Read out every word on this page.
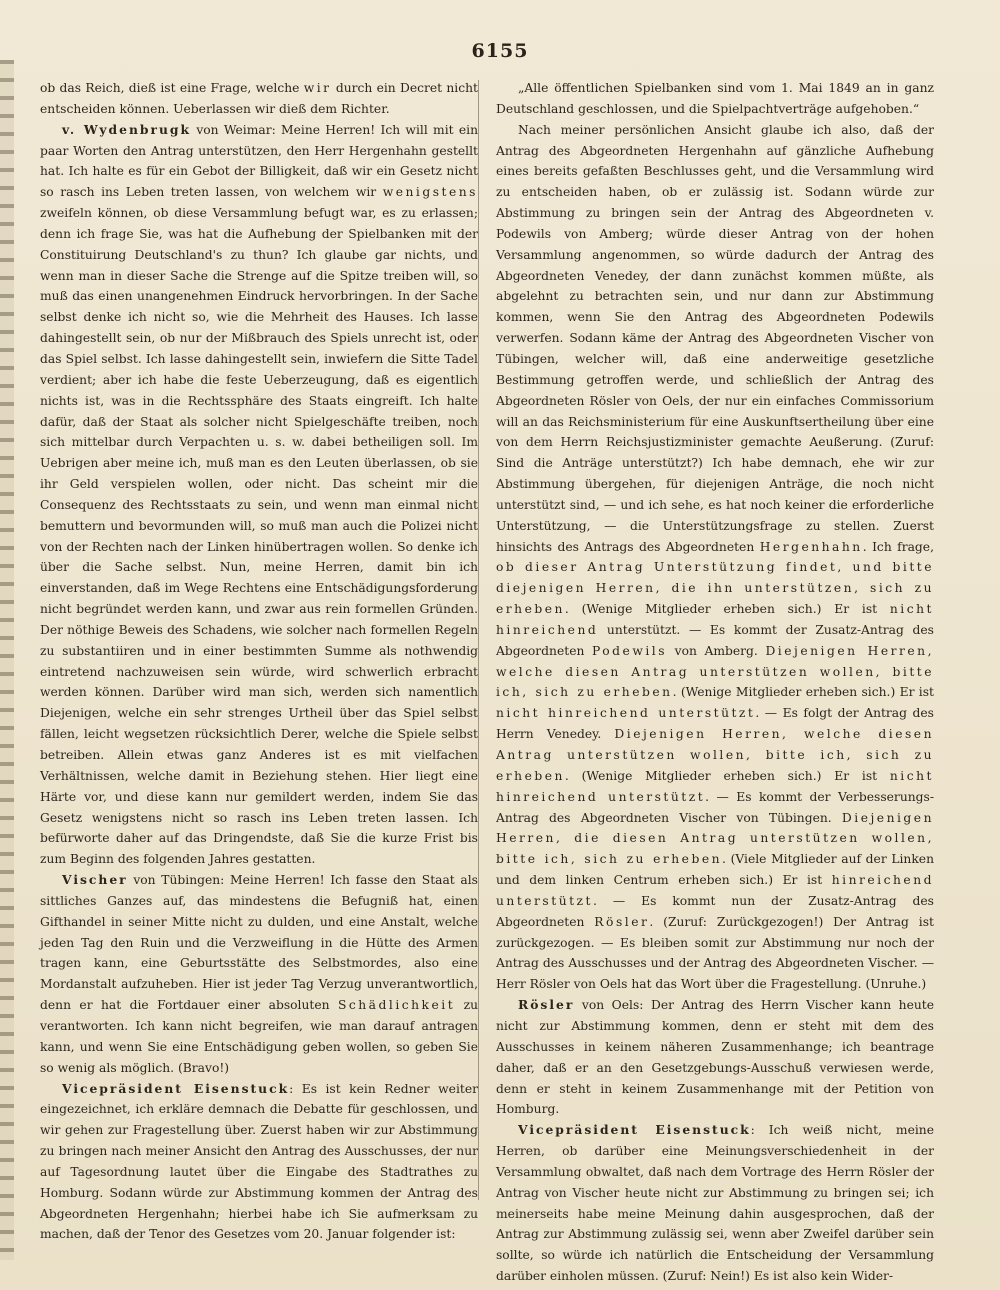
6155

ob das Reich, dieß ist eine Frage, welche wir durch ein Decret nicht entscheiden können. Ueberlassen wir dieß dem Richter.

v. Wydenbrugk von Weimar: Meine Herren! Ich will mit ein paar Worten den Antrag unterstützen, den Herr Hergenhahn gestellt hat. Ich halte es für ein Gebot der Billigkeit, daß wir ein Gesetz nicht so rasch ins Leben treten lassen, von welchem wir wenigstens zweifeln können, ob diese Versammlung befugt war, es zu erlassen; denn ich frage Sie, was hat die Aufhebung der Spielbanken mit der Constituirung Deutschland's zu thun? Ich glaube gar nichts, und wenn man in dieser Sache die Strenge auf die Spitze treiben will, so muß das einen unangenehmen Eindruck hervorbringen. In der Sache selbst denke ich nicht so, wie die Mehrheit des Hauses. Ich lasse dahingestellt sein, ob nur der Mißbrauch des Spiels unrecht ist, oder das Spiel selbst. Ich lasse dahingestellt sein, inwiefern die Sitte Tadel verdient; aber ich habe die feste Ueberzeugung, daß es eigentlich nichts ist, was in die Rechtssphäre des Staats eingreift. Ich halte dafür, daß der Staat als solcher nicht Spielgeschäfte treiben, noch sich mittelbar durch Verpachten u. s. w. dabei betheiligen soll. Im Uebrigen aber meine ich, muß man es den Leuten überlassen, ob sie ihr Geld verspielen wollen, oder nicht. Das scheint mir die Consequenz des Rechtsstaats zu sein, und wenn man einmal nicht bemuttern und bevormunden will, so muß man auch die Polizei nicht von der Rechten nach der Linken hinübertragen wollen. So denke ich über die Sache selbst. Nun, meine Herren, damit bin ich einverstanden, daß im Wege Rechtens eine Entschädigungsforderung nicht begründet werden kann, und zwar aus rein formellen Gründen. Der nöthige Beweis des Schadens, wie solcher nach formellen Regeln zu substantiiren und in einer bestimmten Summe als nothwendig eintretend nachzuweisen sein würde, wird schwerlich erbracht werden können. Darüber wird man sich, werden sich namentlich Diejenigen, welche ein sehr strenges Urtheil über das Spiel selbst fällen, leicht wegsetzen rücksichtlich Derer, welche die Spiele selbst betreiben. Allein etwas ganz Anderes ist es mit vielfachen Verhältnissen, welche damit in Beziehung stehen. Hier liegt eine Härte vor, und diese kann nur gemildert werden, indem Sie das Gesetz wenigstens nicht so rasch ins Leben treten lassen. Ich befürworte daher auf das Dringendste, daß Sie die kurze Frist bis zum Beginn des folgenden Jahres gestatten.

Vischer von Tübingen: Meine Herren! Ich fasse den Staat als sittliches Ganzes auf, das mindestens die Befugniß hat, einen Gifthandel in seiner Mitte nicht zu dulden, und eine Anstalt, welche jeden Tag den Ruin und die Verzweiflung in die Hütte des Armen tragen kann, eine Geburtsstätte des Selbstmordes, also eine Mordanstalt aufzuheben. Hier ist jeder Tag Verzug unverantwortlich, denn er hat die Fortdauer einer absoluten Schädlichkeit zu verantworten. Ich kann nicht begreifen, wie man darauf antragen kann, und wenn Sie eine Entschädigung geben wollen, so geben Sie so wenig als möglich. (Bravo!)

Vicepräsident Eisenstuck: Es ist kein Redner weiter eingezeichnet, ich erkläre demnach die Debatte für geschlossen, und wir gehen zur Fragestellung über. Zuerst haben wir zur Abstimmung zu bringen nach meiner Ansicht den Antrag des Ausschusses, der nur auf Tagesordnung lautet über die Eingabe des Stadtrathes zu Homburg. Sodann würde zur Abstimmung kommen der Antrag des Abgeordneten Hergenhahn; hierbei habe ich Sie aufmerksam zu machen, daß der Tenor des Gesetzes vom 20. Januar folgender ist:

„Alle öffentlichen Spielbanken sind vom 1. Mai 1849 an in ganz Deutschland geschlossen, und die Spielpachtverträge aufgehoben.“

Nach meiner persönlichen Ansicht glaube ich also, daß der Antrag des Abgeordneten Hergenhahn auf gänzliche Aufhebung eines bereits gefaßten Beschlusses geht, und die Versammlung wird zu entscheiden haben, ob er zulässig ist. Sodann würde zur Abstimmung zu bringen sein der Antrag des Abgeordneten v. Podewils von Amberg; würde dieser Antrag von der hohen Versammlung angenommen, so würde dadurch der Antrag des Abgeordneten Venedey, der dann zunächst kommen müßte, als abgelehnt zu betrachten sein, und nur dann zur Abstimmung kommen, wenn Sie den Antrag des Abgeordneten Podewils verwerfen. Sodann käme der Antrag des Abgeordneten Vischer von Tübingen, welcher will, daß eine anderweitige gesetzliche Bestimmung getroffen werde, und schließlich der Antrag des Abgeordneten Rösler von Oels, der nur ein einfaches Commissorium will an das Reichsministerium für eine Auskunftsertheilung über eine von dem Herrn Reichsjustizminister gemachte Aeußerung. (Zuruf: Sind die Anträge unterstützt?) Ich habe demnach, ehe wir zur Abstimmung übergehen, für diejenigen Anträge, die noch nicht unterstützt sind, — und ich sehe, es hat noch keiner die erforderliche Unterstützung, — die Unterstützungsfrage zu stellen. Zuerst hinsichts des Antrags des Abgeordneten Hergenhahn. Ich frage, ob dieser Antrag Unterstützung findet, und bitte diejenigen Herren, die ihn unterstützen, sich zu erheben. (Wenige Mitglieder erheben sich.) Er ist nicht hinreichend unterstützt. — Es kommt der Zusatz-Antrag des Abgeordneten Podewils von Amberg. Diejenigen Herren, welche diesen Antrag unterstützen wollen, bitte ich, sich zu erheben. (Wenige Mitglieder erheben sich.) Er ist nicht hinreichend unterstützt. — Es folgt der Antrag des Herrn Venedey. Diejenigen Herren, welche diesen Antrag unterstützen wollen, bitte ich, sich zu erheben. (Wenige Mitglieder erheben sich.) Er ist nicht hinreichend unterstützt. — Es kommt der Verbesserungs-Antrag des Abgeordneten Vischer von Tübingen. Diejenigen Herren, die diesen Antrag unterstützen wollen, bitte ich, sich zu erheben. (Viele Mitglieder auf der Linken und dem linken Centrum erheben sich.) Er ist hinreichend unterstützt. — Es kommt nun der Zusatz-Antrag des Abgeordneten Rösler. (Zuruf: Zurückgezogen!) Der Antrag ist zurückgezogen. — Es bleiben somit zur Abstimmung nur noch der Antrag des Ausschusses und der Antrag des Abgeordneten Vischer. — Herr Rösler von Oels hat das Wort über die Fragestellung. (Unruhe.)

Rösler von Oels: Der Antrag des Herrn Vischer kann heute nicht zur Abstimmung kommen, denn er steht mit dem des Ausschusses in keinem näheren Zusammenhange; ich beantrage daher, daß er an den Gesetzgebungs-Ausschuß verwiesen werde, denn er steht in keinem Zusammenhange mit der Petition von Homburg.

Vicepräsident Eisenstuck: Ich weiß nicht, meine Herren, ob darüber eine Meinungsverschiedenheit in der Versammlung obwaltet, daß nach dem Vortrage des Herrn Rösler der Antrag von Vischer heute nicht zur Abstimmung zu bringen sei; ich meinerseits habe meine Meinung dahin ausgesprochen, daß der Antrag zur Abstimmung zulässig sei, wenn aber Zweifel darüber sein sollte, so würde ich natürlich die Entscheidung der Versammlung darüber einholen müssen. (Zuruf: Nein!) Es ist also kein Wider-
